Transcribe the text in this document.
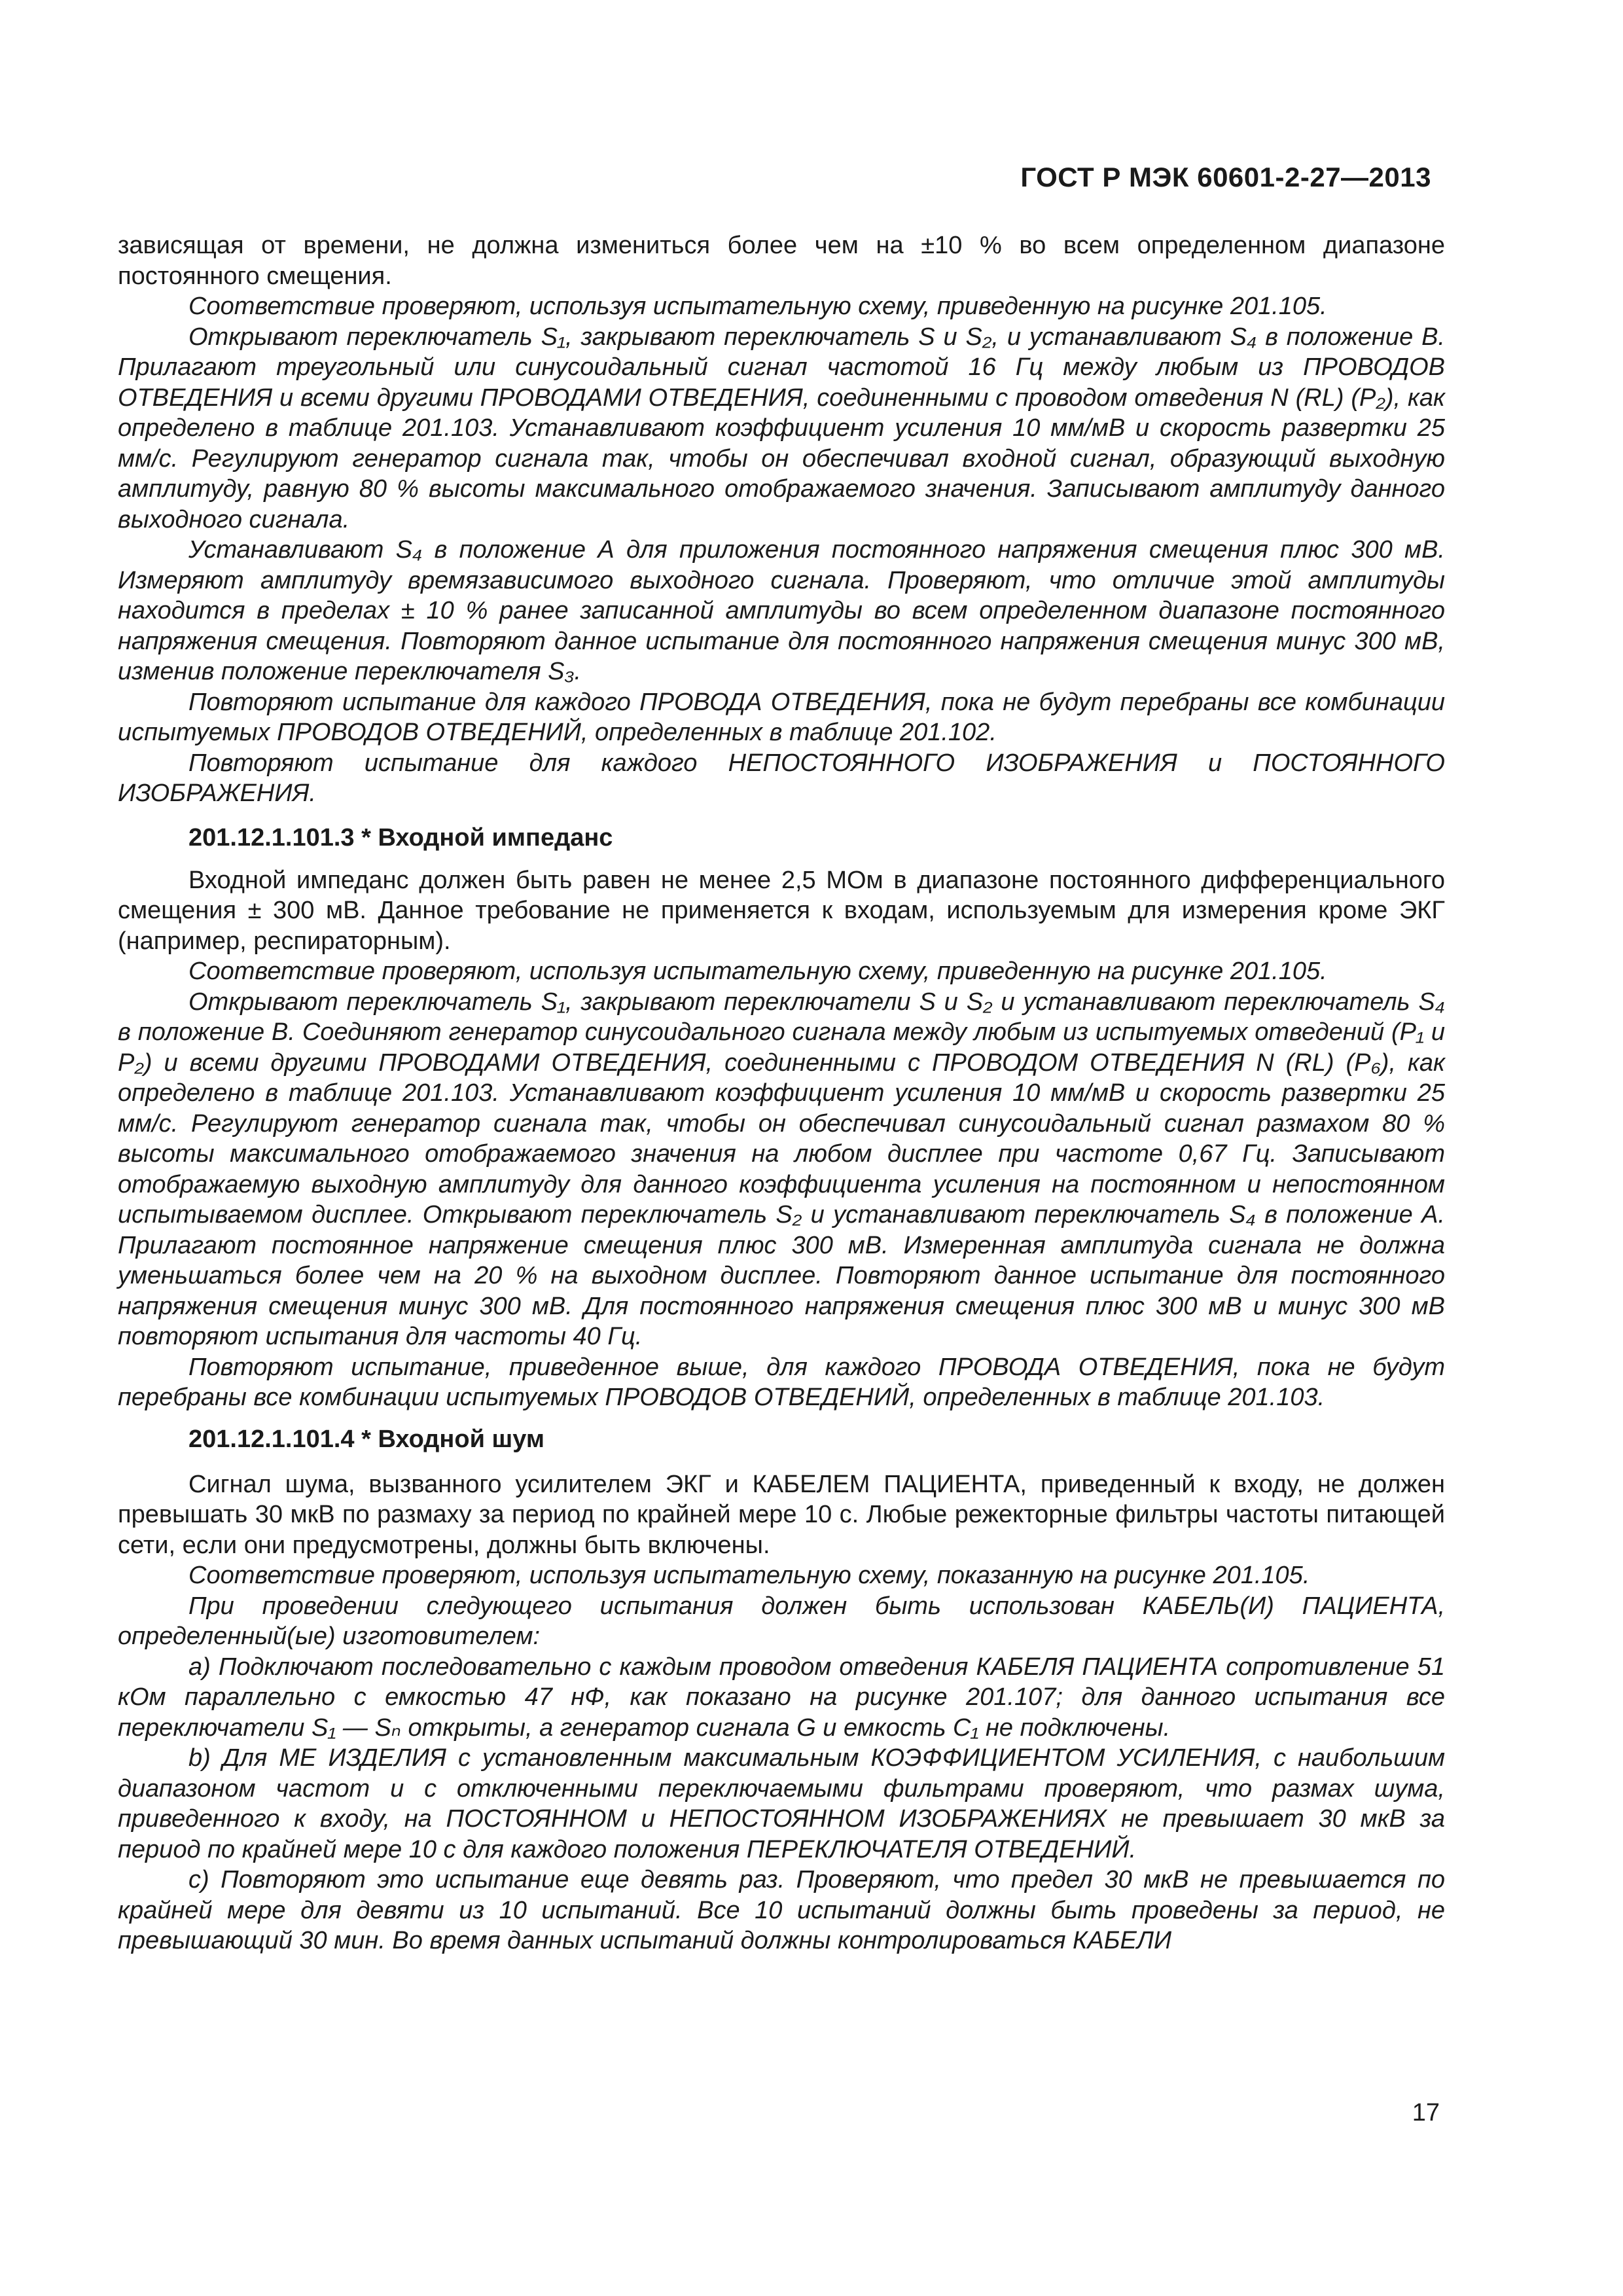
ГОСТ Р МЭК 60601-2-27—2013

зависящая от времени, не должна измениться более чем на ±10 % во всем определенном диапазоне постоянного смещения.

Соответствие проверяют, используя испытательную схему, приведенную на рисунке 201.105.

Открывают переключатель S₁, закрывают переключатель S и S₂, и устанавливают S₄ в положение В. Прилагают треугольный или синусоидальный сигнал частотой 16 Гц между любым из ПРОВОДОВ ОТВЕДЕНИЯ и всеми другими ПРОВОДАМИ ОТВЕДЕНИЯ, соединенными с проводом отведения N (RL) (P₂), как определено в таблице 201.103. Устанавливают коэффициент усиления 10 мм/мВ и скорость развертки 25 мм/с. Регулируют генератор сигнала так, чтобы он обеспечивал входной сигнал, образующий выходную амплитуду, равную 80 % высоты максимального отображаемого значения. Записывают амплитуду данного выходного сигнала.

Устанавливают S₄ в положение А для приложения постоянного напряжения смещения плюс 300 мВ. Измеряют амплитуду времязависимого выходного сигнала. Проверяют, что отличие этой амплитуды находится в пределах ± 10 % ранее записанной амплитуды во всем определенном диапазоне постоянного напряжения смещения. Повторяют данное испытание для постоянного напряжения смещения минус 300 мВ, изменив положение переключателя S₃.

Повторяют испытание для каждого ПРОВОДА ОТВЕДЕНИЯ, пока не будут перебраны все комбинации испытуемых ПРОВОДОВ ОТВЕДЕНИЙ, определенных в таблице 201.102.

Повторяют испытание для каждого НЕПОСТОЯННОГО ИЗОБРАЖЕНИЯ и ПОСТОЯННОГО ИЗОБРАЖЕНИЯ.

201.12.1.101.3 * Входной импеданс

Входной импеданс должен быть равен не менее 2,5 МОм в диапазоне постоянного дифференциального смещения ± 300 мВ. Данное требование не применяется к входам, используемым для измерения кроме ЭКГ (например, респираторным).

Соответствие проверяют, используя испытательную схему, приведенную на рисунке 201.105.

Открывают переключатель S₁, закрывают переключатели S и S₂ и устанавливают переключатель S₄ в положение В. Соединяют генератор синусоидального сигнала между любым из испытуемых отведений (P₁ и P₂) и всеми другими ПРОВОДАМИ ОТВЕДЕНИЯ, соединенными с ПРОВОДОМ ОТВЕДЕНИЯ N (RL) (P₆), как определено в таблице 201.103. Устанавливают коэффициент усиления 10 мм/мВ и скорость развертки 25 мм/с. Регулируют генератор сигнала так, чтобы он обеспечивал синусоидальный сигнал размахом 80 % высоты максимального отображаемого значения на любом дисплее при частоте 0,67 Гц. Записывают отображаемую выходную амплитуду для данного коэффициента усиления на постоянном и непостоянном испытываемом дисплее. Открывают переключатель S₂ и устанавливают переключатель S₄ в положение А. Прилагают постоянное напряжение смещения плюс 300 мВ. Измеренная амплитуда сигнала не должна уменьшаться более чем на 20 % на выходном дисплее. Повторяют данное испытание для постоянного напряжения смещения минус 300 мВ. Для постоянного напряжения смещения плюс 300 мВ и минус 300 мВ повторяют испытания для частоты 40 Гц.

Повторяют испытание, приведенное выше, для каждого ПРОВОДА ОТВЕДЕНИЯ, пока не будут перебраны все комбинации испытуемых ПРОВОДОВ ОТВЕДЕНИЙ, определенных в таблице 201.103.

201.12.1.101.4 * Входной шум

Сигнал шума, вызванного усилителем ЭКГ и КАБЕЛЕМ ПАЦИЕНТА, приведенный к входу, не должен превышать 30 мкВ по размаху за период по крайней мере 10 с. Любые режекторные фильтры частоты питающей сети, если они предусмотрены, должны быть включены.

Соответствие проверяют, используя испытательную схему, показанную на рисунке 201.105.

При проведении следующего испытания должен быть использован КАБЕЛЬ(И) ПАЦИЕНТА, определенный(ые) изготовителем:

а) Подключают последовательно с каждым проводом отведения КАБЕЛЯ ПАЦИЕНТА сопротивление 51 кОм параллельно с емкостью 47 нФ, как показано на рисунке 201.107; для данного испытания все переключатели S₁ — Sₙ открыты, а генератор сигнала G и емкость C₁ не подключены.

b) Для МЕ ИЗДЕЛИЯ с установленным максимальным КОЭФФИЦИЕНТОМ УСИЛЕНИЯ, с наибольшим диапазоном частот и с отключенными переключаемыми фильтрами проверяют, что размах шума, приведенного к входу, на ПОСТОЯННОМ и НЕПОСТОЯННОМ ИЗОБРАЖЕНИЯХ не превышает 30 мкВ за период по крайней мере 10 с для каждого положения ПЕРЕКЛЮЧАТЕЛЯ ОТВЕДЕНИЙ.

с) Повторяют это испытание еще девять раз. Проверяют, что предел 30 мкВ не превышается по крайней мере для девяти из 10 испытаний. Все 10 испытаний должны быть проведены за период, не превышающий 30 мин. Во время данных испытаний должны контролироваться КАБЕЛИ

17
